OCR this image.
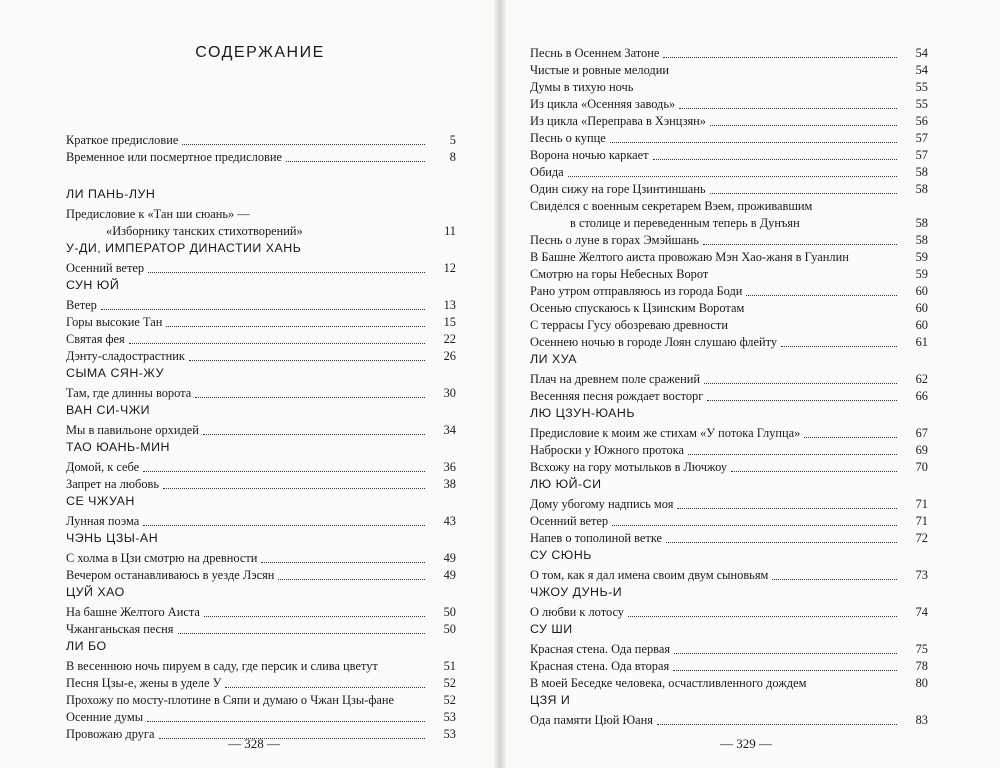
СОДЕРЖАНИЕ
Краткое предисловие	5
Временное или посмертное предисловие	8
ЛИ ПАНЬ-ЛУН
Предисловие к «Тан ши сюань» —
«Изборнику танских стихотворений»	11
У-ДИ, ИМПЕРАТОР ДИНАСТИИ ХАНЬ
Осенний ветер	12
СУН ЮЙ
Ветер	13
Горы высокие Тан	15
Святая фея	22
Дэнту-сладострастник	26
СЫМА СЯН-ЖУ
Там, где длинны ворота	30
ВАН СИ-ЧЖИ
Мы в павильоне орхидей	34
ТАО ЮАНЬ-МИН
Домой, к себе	36
Запрет на любовь	38
СЕ ЧЖУАН
Лунная поэма	43
ЧЭНЬ ЦЗЫ-АН
С холма в Цзи смотрю на древности	49
Вечером останавливаюсь в уезде Лэсян	49
ЦУЙ ХАО
На башне Желтого Аиста	50
Чжанганьская песня	50
ЛИ БО
В весеннюю ночь пируем в саду, где персик и слива цветут	51
Песня Цзы-е, жены в уделе У	52
Прохожу по мосту-плотине в Сяпи и думаю о Чжан Цзы-фане	52
Осенние думы	53
Провожаю друга	53
Песнь в Осеннем Затоне	54
Чистые и ровные мелодии	54
Думы в тихую ночь	55
Из цикла «Осенняя заводь»	55
Из цикла «Переправа в Хэнцзян»	56
Песнь о купце	57
Ворона ночью каркает	57
Обида	58
Один сижу на горе Цзинтиншань	58
Свиделся с военным секретарем Вэем, проживавшим
в столице и переведенным теперь в Дунъян	58
Песнь о луне в горах Эмэйшань	58
В Башне Желтого аиста провожаю Мэн Хао-жаня в Гуанлин	59
Смотрю на горы Небесных Ворот	59
Рано утром отправляюсь из города Боди	60
Осенью спускаюсь к Цзинским Воротам	60
С террасы Гусу обозреваю древности	60
Осеннею ночью в городе Лоян слушаю флейту	61
ЛИ ХУА
Плач на древнем поле сражений	62
Весенняя песня рождает восторг	66
ЛЮ ЦЗУН-ЮАНЬ
Предисловие к моим же стихам «У потока Глупца»	67
Наброски у Южного протока	69
Всхожу на гору мотыльков в Лючжоу	70
ЛЮ ЮЙ-СИ
Дому убогому надпись моя	71
Осенний ветер	71
Напев о тополиной ветке	72
СУ СЮНЬ
О том, как я дал имена своим двум сыновьям	73
ЧЖОУ ДУНЬ-И
О любви к лотосу	74
СУ ШИ
Красная стена. Ода первая	75
Красная стена. Ода вторая	78
В моей Беседке человека, осчастливленного дождем	80
ЦЗЯ И
Ода памяти Цюй Юаня	83
— 328 —	— 329 —
